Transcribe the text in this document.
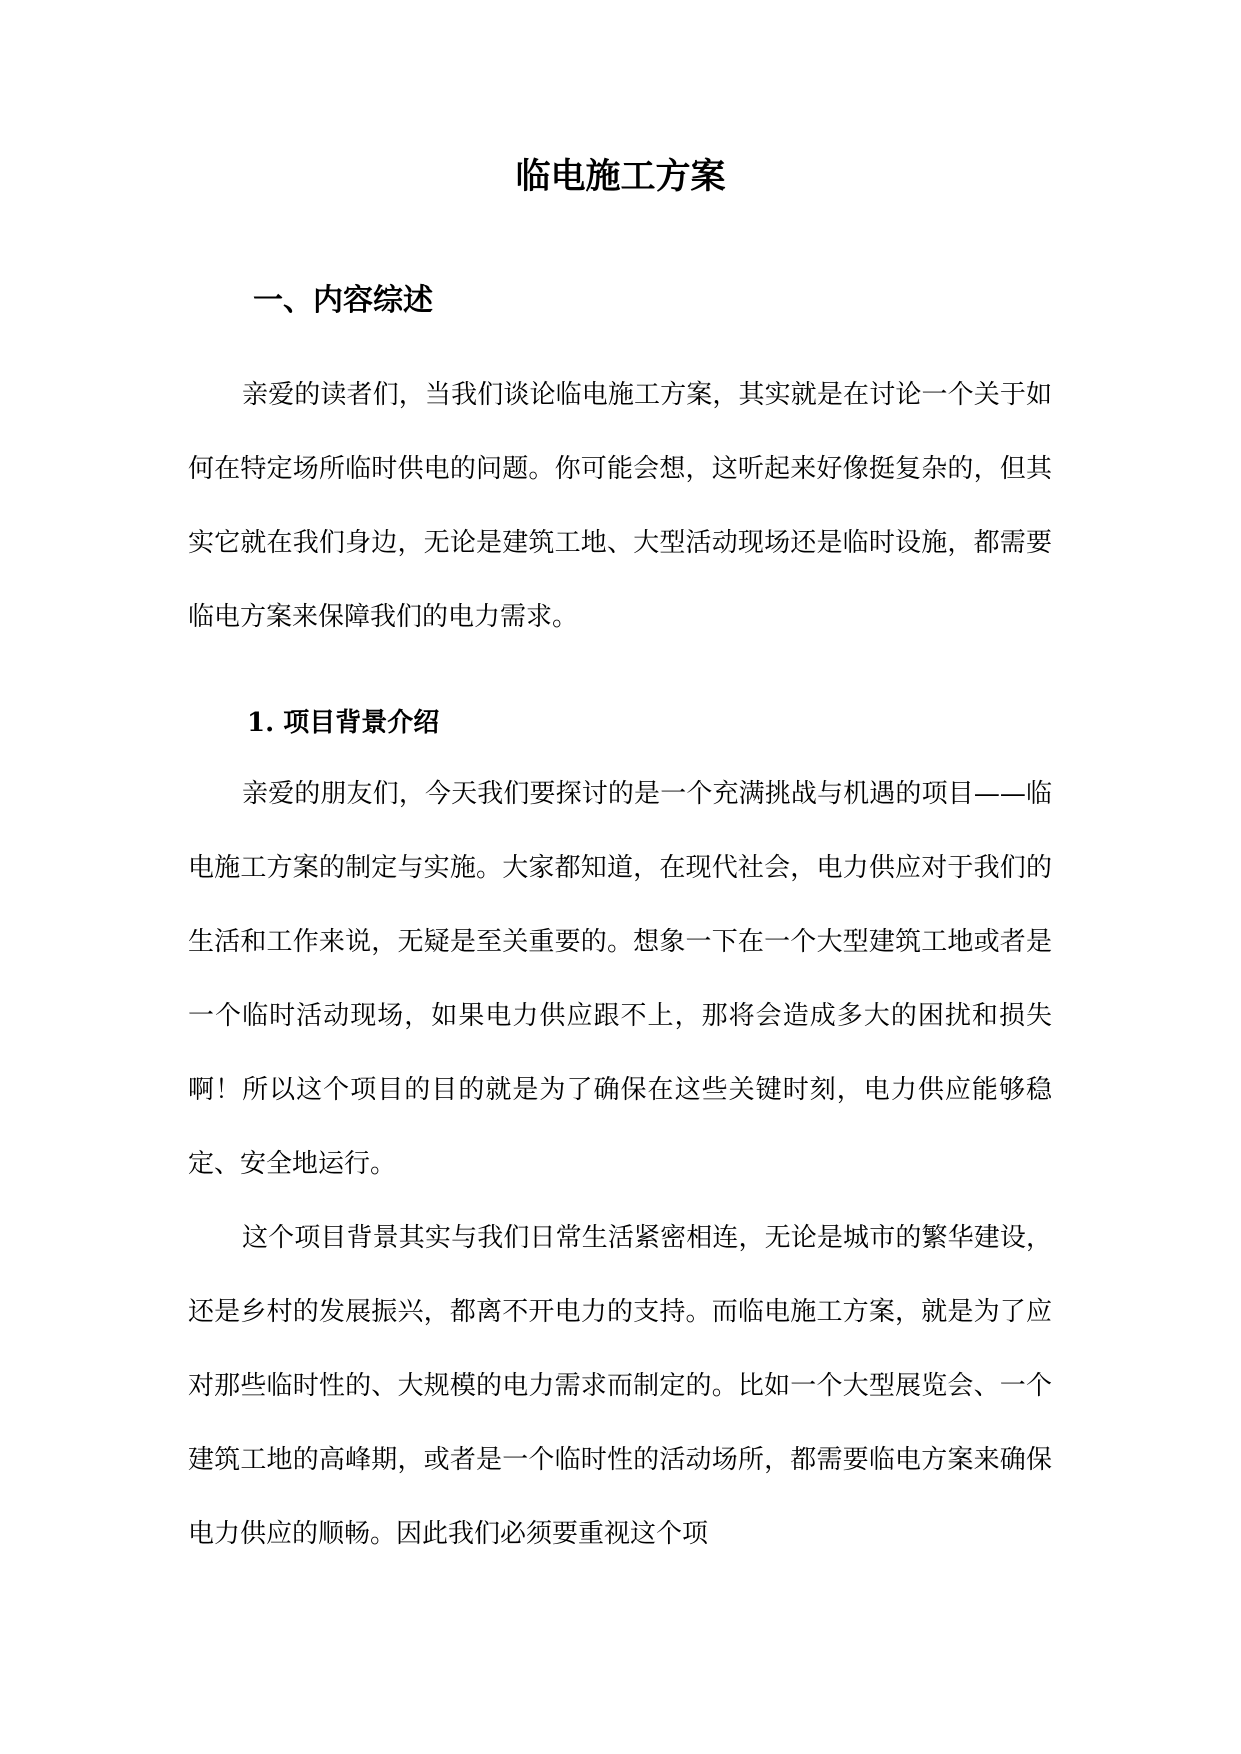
临电施工方案
一、内容综述

亲爱的读者们，当我们谈论临电施工方案，其实就是在讨论一个关于如何在特定场所临时供电的问题。你可能会想，这听起来好像挺复杂的，但其实它就在我们身边，无论是建筑工地、大型活动现场还是临时设施，都需要临电方案来保障我们的电力需求。

1. 项目背景介绍

亲爱的朋友们，今天我们要探讨的是一个充满挑战与机遇的项目——临电施工方案的制定与实施。大家都知道，在现代社会，电力供应对于我们的生活和工作来说，无疑是至关重要的。想象一下在一个大型建筑工地或者是一个临时活动现场，如果电力供应跟不上，那将会造成多大的困扰和损失啊！所以这个项目的目的就是为了确保在这些关键时刻，电力供应能够稳定、安全地运行。

这个项目背景其实与我们日常生活紧密相连，无论是城市的繁华建设，还是乡村的发展振兴，都离不开电力的支持。而临电施工方案，就是为了应对那些临时性的、大规模的电力需求而制定的。比如一个大型展览会、一个建筑工地的高峰期，或者是一个临时性的活动场所，都需要临电方案来确保电力供应的顺畅。因此我们必须要重视这个项
